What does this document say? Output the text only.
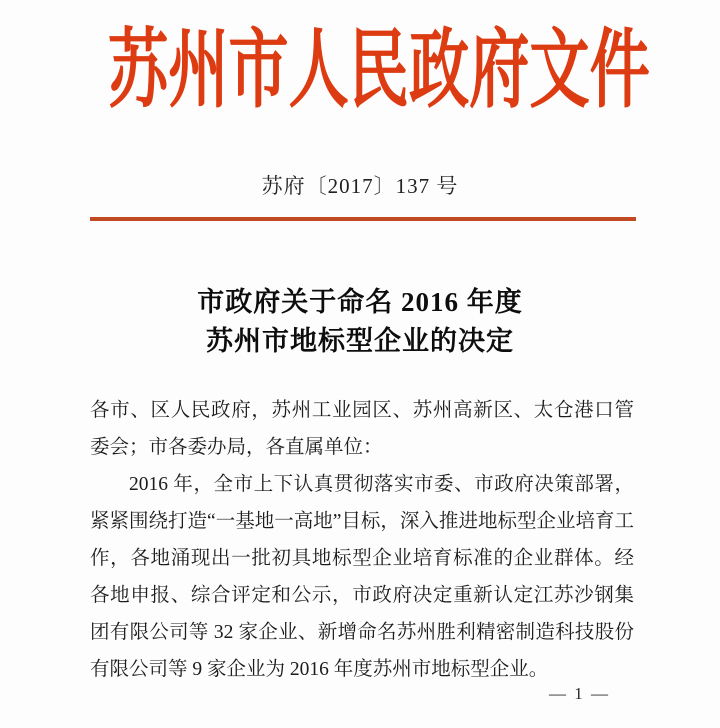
苏州市人民政府文件
苏府〔2017〕137 号
市政府关于命名 2016 年度
苏州市地标型企业的决定

各市、区人民政府，苏州工业园区、苏州高新区、太仓港口管委会；市各委办局，各直属单位：

2016 年，全市上下认真贯彻落实市委、市政府决策部署，紧紧围绕打造“一基地一高地”目标，深入推进地标型企业培育工作，各地涌现出一批初具地标型企业培育标准的企业群体。经各地申报、综合评定和公示，市政府决定重新认定江苏沙钢集团有限公司等 32 家企业、新增命名苏州胜利精密制造科技股份有限公司等 9 家企业为 2016 年度苏州市地标型企业。

— 1 —
